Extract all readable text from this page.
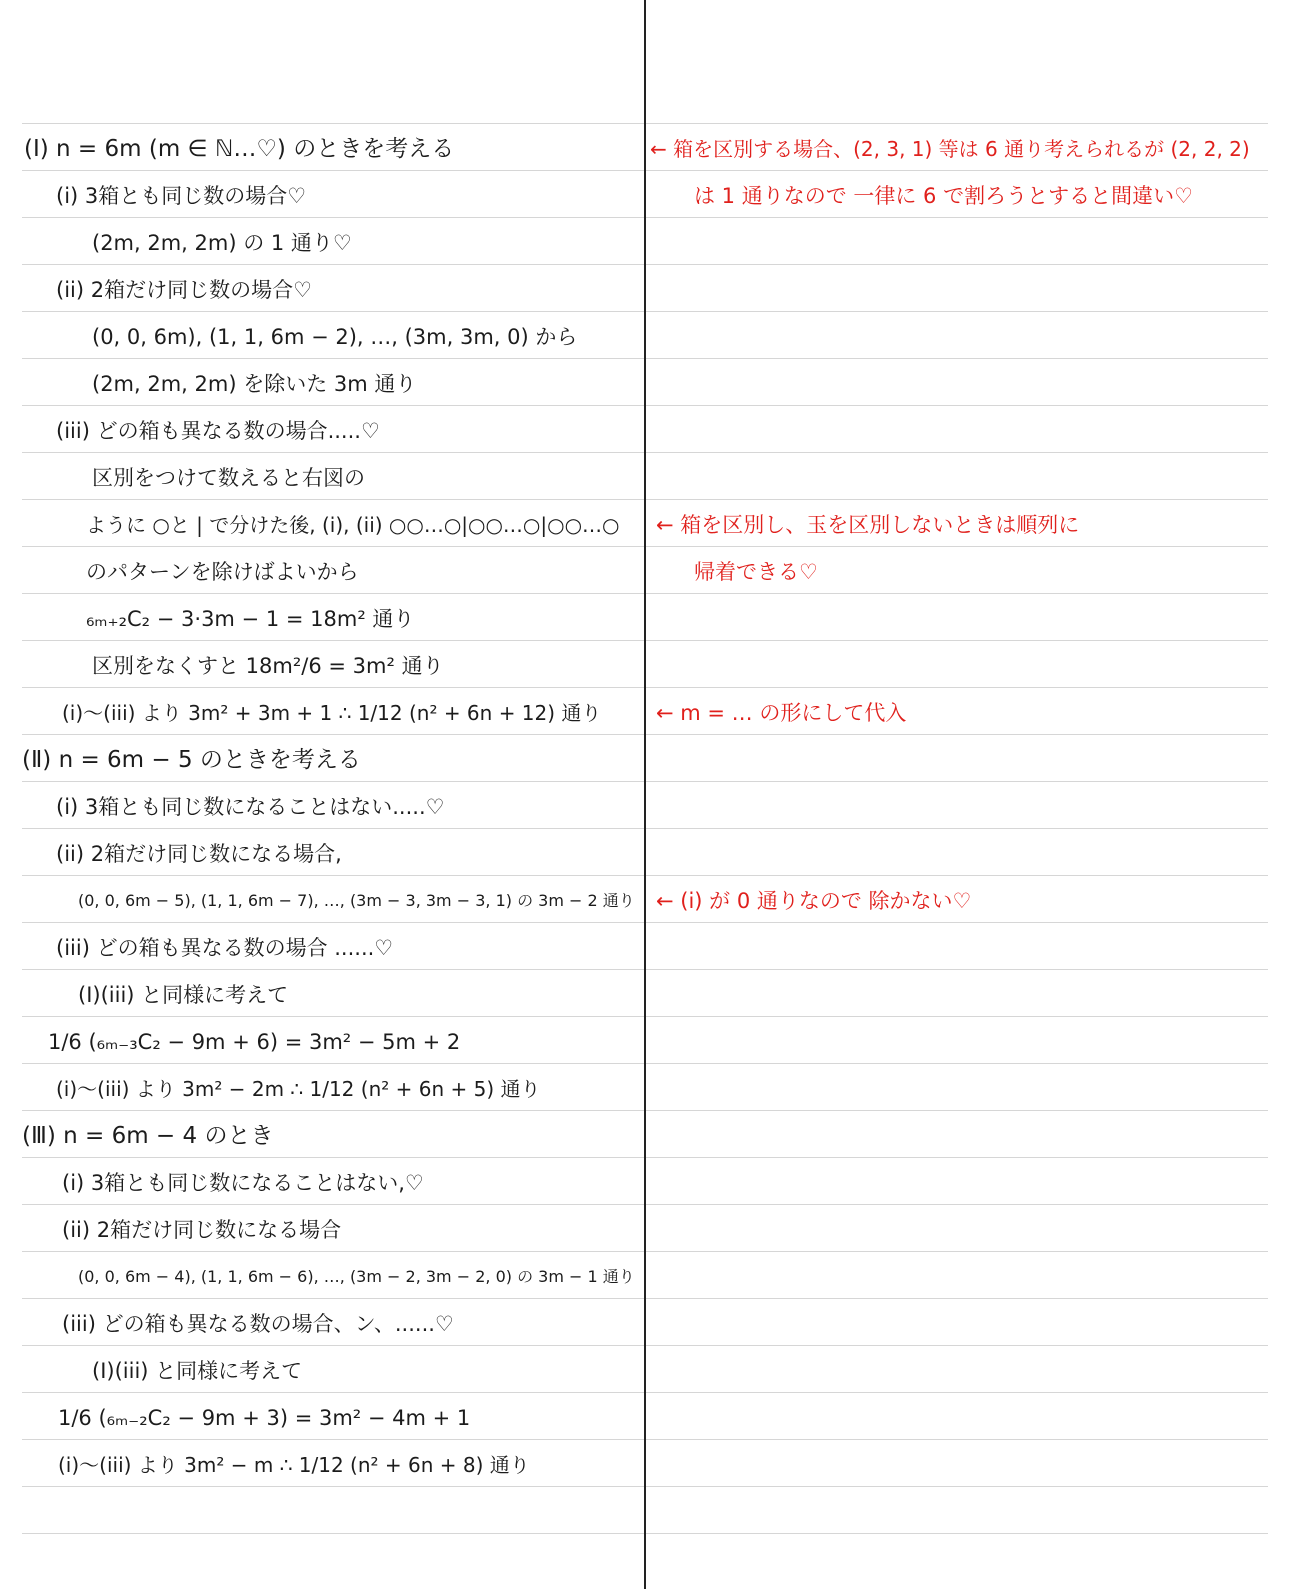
(Ⅰ) n = 6m (m ∈ ℕ…♡) のときを考える
(i) 3箱とも同じ数の場合♡
(2m, 2m, 2m) の 1 通り♡
(ii) 2箱だけ同じ数の場合♡
(0, 0, 6m), (1, 1, 6m − 2), …, (3m, 3m, 0) から
(2m, 2m, 2m) を除いた 3m 通り
(iii) どの箱も異なる数の場合.....♡
区別をつけて数えると右図の
ように ○と | で分けた後, (i), (ii) ○○…○|○○…○|○○…○
のパターンを除けばよいから
₆ₘ₊₂C₂ − 3·3m − 1 = 18m² 通り
区別をなくすと 18m²/6 = 3m² 通り
(i)〜(iii) より 3m² + 3m + 1 ∴ 1/12 (n² + 6n + 12) 通り
(Ⅱ) n = 6m − 5 のときを考える
(i) 3箱とも同じ数になることはない.....♡
(ii) 2箱だけ同じ数になる場合,
(0, 0, 6m − 5), (1, 1, 6m − 7), …, (3m − 3, 3m − 3, 1) の 3m − 2 通り
(iii) どの箱も異なる数の場合 ......♡
(Ⅰ)(iii) と同様に考えて
1/6 (₆ₘ₋₃C₂ − 9m + 6) = 3m² − 5m + 2
(i)〜(iii) より 3m² − 2m ∴ 1/12 (n² + 6n + 5) 通り
(Ⅲ) n = 6m − 4 のとき
(i) 3箱とも同じ数になることはない,♡
(ii) 2箱だけ同じ数になる場合
(0, 0, 6m − 4), (1, 1, 6m − 6), …, (3m − 2, 3m − 2, 0) の 3m − 1 通り
(iii) どの箱も異なる数の場合、ン、......♡
(Ⅰ)(iii) と同様に考えて
1/6 (₆ₘ₋₂C₂ − 9m + 3) = 3m² − 4m + 1
(i)〜(iii) より 3m² − m ∴ 1/12 (n² + 6n + 8) 通り
← 箱を区別する場合、(2, 3, 1) 等は 6 通り考えられるが (2, 2, 2)
は 1 通りなので 一律に 6 で割ろうとすると間違い♡
← 箱を区別し、玉を区別しないときは順列に
帰着できる♡
← m = … の形にして代入
← (i) が 0 通りなので 除かない♡
